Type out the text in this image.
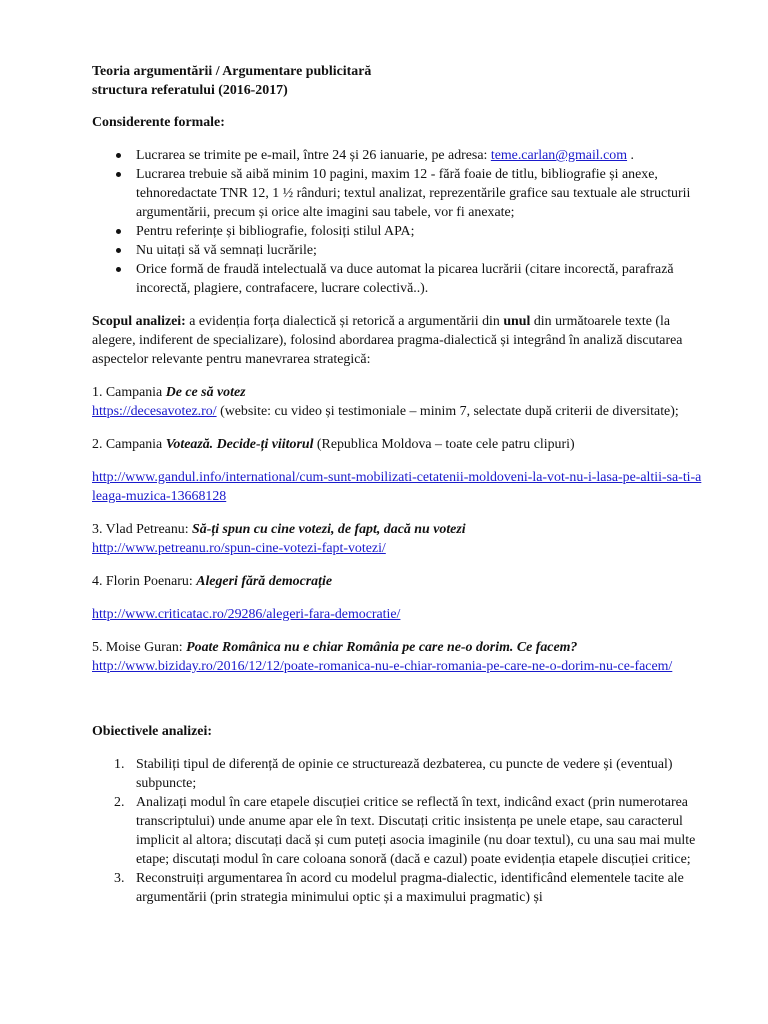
Teoria argumentării / Argumentare publicitară

structura referatului (2016-2017)

Considerente formale:

Lucrarea se trimite pe e-mail, între 24 și 26 ianuarie, pe adresa: teme.carlan@gmail.com .
Lucrarea trebuie să aibă minim 10 pagini, maxim 12 - fără foaie de titlu, bibliografie și anexe, tehnoredactate TNR 12, 1 ½ rânduri; textul analizat, reprezentările grafice sau textuale ale structurii argumentării, precum și orice alte imagini sau tabele, vor fi anexate;
Pentru referințe și bibliografie, folosiți stilul APA;
Nu uitați să vă semnați lucrările;
Orice formă de fraudă intelectuală va duce automat la picarea lucrării (citare incorectă, parafrază incorectă, plagiere, contrafacere, lucrare colectivă..).

Scopul analizei: a evidenția forța dialectică și retorică a argumentării din unul din următoarele texte (la alegere, indiferent de specializare), folosind abordarea pragma-dialectică și integrând în analiză discutarea aspectelor relevante pentru manevrarea strategică:

1. Campania De ce să votez

https://decesavotez.ro/ (website: cu video și testimoniale – minim 7, selectate după criterii de diversitate);

2. Campania Votează. Decide-ți viitorul (Republica Moldova – toate cele patru clipuri)

http://www.gandul.info/international/cum-sunt-mobilizati-cetatenii-moldoveni-la-vot-nu-i-lasa-pe-altii-sa-ti-aleaga-muzica-13668128

3. Vlad Petreanu: Să-ți spun cu cine votezi, de fapt, dacă nu votezi

http://www.petreanu.ro/spun-cine-votezi-fapt-votezi/

4. Florin Poenaru: Alegeri fără democrație

http://www.criticatac.ro/29286/alegeri-fara-democratie/

5. Moise Guran: Poate Românica nu e chiar România pe care ne-o dorim. Ce facem?

http://www.biziday.ro/2016/12/12/poate-romanica-nu-e-chiar-romania-pe-care-ne-o-dorim-nu-ce-facem/

Obiectivele analizei:

1. Stabiliți tipul de diferență de opinie ce structurează dezbaterea, cu puncte de vedere și (eventual) subpuncte;
2. Analizați modul în care etapele discuției critice se reflectă în text, indicând exact (prin numerotarea transcriptului) unde anume apar ele în text. Discutați critic insistența pe unele etape, sau caracterul implicit al altora; discutați dacă și cum puteți asocia imaginile (nu doar textul), cu una sau mai multe etape; discutați modul în care coloana sonoră (dacă e cazul) poate evidenția etapele discuției critice;
3. Reconstruiți argumentarea în acord cu modelul pragma-dialectic, identificând elementele tacite ale argumentării (prin strategia minimului optic și a maximului pragmatic) și
